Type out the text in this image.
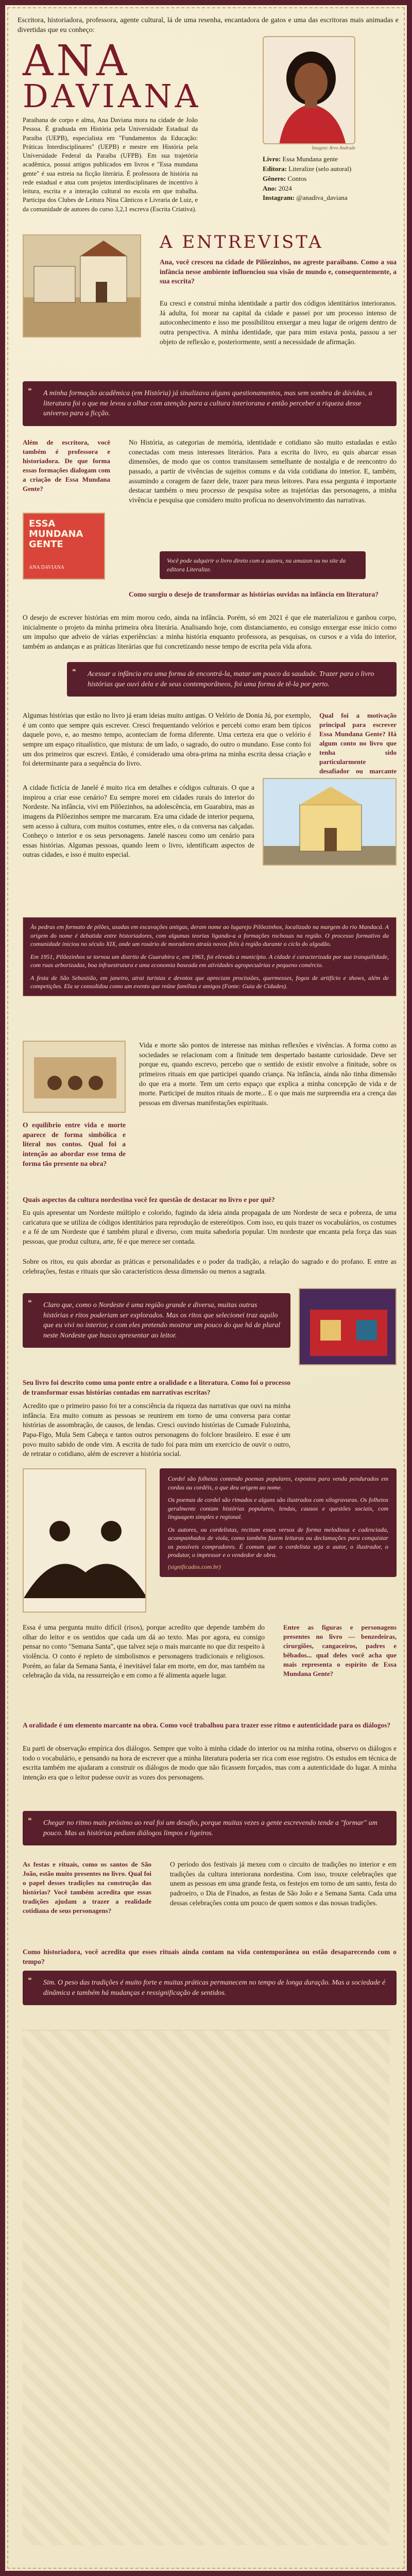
Escritora, historiadora, professora, agente cultural, lá de uma resenha, encantadora de gatos e uma das escritoras mais animadas e divertidas que eu conheço:

ANA
DAVIANA
Imagem: Arvo Andrade

Paraibana de corpo e alma, Ana Daviana mora na cidade de João Pessoa. É graduada em História pela Universidade Estadual da Paraíba (UEPB), especialista em "Fundamentos da Educação: Práticas Interdisciplinares" (UEPB) e mestre em História pela Universidade Federal da Paraíba (UFPB). Em sua trajetória acadêmica, possui artigos publicados em livros e "Essa mundana gente" é sua estreia na ficção literária. É professora de história na rede estadual e atua com projetos interdisciplinares de incentivo à leitura, escrita e a interação cultural no escola em que trabalha. Participa dos Clubes de Leitura Nina Cânticos e Livraria de Luiz, e da comunidade de autores do curso 3,2,1 escreva (Escrita Criativa).

Livro: Essa Mundana gente
Editora: Literalize (selo autoral)
Gênero: Contos
Ano: 2024
Instagram: @anadiva_daviana
A ENTREVISTA

Ana, você cresceu na cidade de Pilõezinhos, no agreste paraibano. Como a sua infância nesse ambiente influenciou sua visão de mundo e, consequentemente, a sua escrita?

Eu cresci e construí minha identidade a partir dos códigos identitários interioranos. Já adulta, foi morar na capital da cidade e passei por um processo intenso de autoconhecimento e isso me possibilitou enxergar a meu lugar de origem dentro de outra perspectiva. A minha identidade, que para mim estava posta, passou a ser objeto de reflexão e, posteriormente, senti a necessidade de afirmação.

❝	A minha formação acadêmica (em História) já sinalizava alguns questionamentos, mas sem sombra de dúvidas, a literatura foi o que me levou a olhar com atenção para a cultura interiorana e então perceber a riqueza desse universo para a ficção.

Além de escritora, você também é professora e historiadora. De que forma essas formações dialogam com a criação de Essa Mundana Gente?

ESSA MUNDANA GENTE
ANA DAVIANA

No História, as categorias de memória, identidade e cotidiano são muito estudadas e estão conectadas com meus interesses literários. Para a escrita do livro, eu quis abarcar essas dimensões, de modo que os contos transitassem semelhante de nostalgia e de reencontro do passado, a partir de vivências de sujeitos comuns e da vida cotidiana do interior. E, também, assumindo a coragem de fazer dele, trazer para meus leitores. Para essa pergunta é importante destacar também o meu processo de pesquisa sobre as trajetórias das personagens, a minha vivência e pesquisa que considero muito profícua no desenvolvimento das narrativas.

Você pode adquirir o livro direto com a autora, na amazon ou no site da editora Literalize.

Como surgiu o desejo de transformar as histórias ouvidas na infância em literatura?

O desejo de escrever histórias em mim morou cedo, ainda na infância. Porém, só em 2021 é que ele materializou e ganhou corpo, inicialmente o projeto da minha primeira obra literária. Analisando hoje, com distanciamento, eu consigo enxergar esse início como um impulso que adveio de várias experiências: a minha história enquanto professora, as pesquisas, os cursos e a vida do interior, também as andanças e as práticas literárias que fui concretizando nesse tempo de escrita pela vida afora.

❝	Acessar a infância era uma forma de encontrá-la, matar um pouco da saudade. Trazer para o livro histórias que ouvi dela e de seus contemporâneos, foi uma forma de tê-la por perto.

Algumas histórias que estão no livro já eram ideias muito antigas. O Velório de Donia Jú, por exemplo, é um conto que sempre quis escrever. Cresci frequentando velórios e percebi como eram bem típicos daquele povo, e, ao mesmo tempo, aconteciam de forma diferente. Uma certeza era que o velório é sempre um espaço ritualístico, que mistura: de um lado, o sagrado, do outro o mundano. Esse conto foi um dos primeiros que escrevi. Então, é considerado uma obra-prima na minha escrita dessa criação e foi determinante para a sequência do livro.

Qual foi a motivação principal para escrever Essa Mundana Gente? Há algum conto no livro que tenha sido particularmente desafiador ou marcante

A cidade fictícia de Janelé é muito rica em detalhes e códigos culturais. O que a inspirou a criar esse cenário? Eu sempre morei em cidades rurais do interior do Nordeste. Na infância, vivi em Pilõezinhos, na adolescência, em Guarabira, mas as imagens da Pilõezinhos sempre me marcaram. Era uma cidade de interior pequena, sem acesso à cultura, com muitos costumes, entre eles, o da conversa nas calçadas. Conheço o interior e os seus personagens. Janelé nasceu como um cenário para essas histórias. Algumas pessoas, quando leem o livro, identificam aspectos de outras cidades, e isso é muito especial.

Às pedras em formato de pilões, usadas em escavações antigas, deram nome ao lugarejo Pilõezinhos, localizado na margem do rio Mandacá. A origem do nome é debatida entre historiadores, com algumas teorias ligando-a a formações rochosas na região. O processo formativo da comunidade iniciou no século XIX, onde um rosário de moradores atraía novos fiéis à região durante o ciclo do algodão.

Em 1951, Pilõezinhos se tornou um distrito de Guarabira e, em 1963, foi elevado a município. A cidade é caracterizada por sua tranquilidade, com ruas arborizadas, boa infraestrutura e uma economia baseada em atividades agropecuárias e pequeno comércio.

A festa de São Sebastião, em janeiro, atrai turistas e devotos que apreciam procissões, quermesses, fogos de artifício e shows, além de competições. Ela se consolidou como um evento que reúne famílias e amigos (Fonte: Guia de Cidades).

O equilíbrio entre vida e morte aparece de forma simbólica e literal nos contos. Qual foi a intenção ao abordar esse tema de forma tão presente na obra?

Vida e morte são pontos de interesse nas minhas reflexões e vivências. A forma como as sociedades se relacionam com a finitude tem despertado bastante curiosidade. Deve ser porque eu, quando escrevo, percebo que o sentido de existir envolve a finitude, sobre os primeiros rituais em que participei quando criança. Na infância, ainda não tinha dimensão do que era a morte. Tem um certo espaço que explica a minha concepção de vida e de morte. Participei de muitos rituais de morte... E o que mais me surpreendia era a crença das pessoas em diversas manifestações espirituais.

Quais aspectos da cultura nordestina você fez questão de destacar no livro e por quê?

Eu quis apresentar um Nordeste múltiplo e colorido, fugindo da ideia ainda propagada de um Nordeste de seca e pobreza, de uma caricatura que se utiliza de códigos identitários para reprodução de estereótipos. Com isso, eu quis trazer os vocabulários, os costumes e a fé de um Nordeste que é também plural e diverso, com muita sabedoria popular. Um nordeste que encanta pela força das suas pessoas, que produz cultura, arte, fé e que merece ser contada.

Sobre os ritos, eu quis abordar as práticas e personalidades e o poder da tradição, a relação do sagrado e do profano. E entre as celebrações, festas e rituais que são característicos dessa dimensão ou menos a sagrada.

❝	Claro que, como o Nordeste é uma região grande e diversa, muitas outras histórias e ritos poderiam ser explorados. Mas os ritos que selecionei traz aquilo que eu vivi no interior, e com eles pretendo mostrar um pouco do que há de plural neste Nordeste que busco apresentar ao leitor.

Seu livro foi descrito como uma ponte entre a oralidade e a literatura. Como foi o processo de transformar essas histórias contadas em narrativas escritas?

Acredito que o primeiro passo foi ter a consciência da riqueza das narrativas que ouvi na minha infância. Era muito comum as pessoas se reunirem em torno de uma conversa para contar histórias de assombração, de causos, de lendas. Cresci ouvindo histórias de Cumade Fulozinha, Papa-Figo, Mula Sem Cabeça e tantos outros personagens do folclore brasileiro. E esse é um povo muito sabido de onde vim. A escrita de tudo foi para mim um exercício de ouvir o outro, de retratar o cotidiano, além de escrever a história social.

Cordel são folhetos contendo poemas populares, expostos para venda pendurados em cordas ou cordéis, o que deu origem ao nome.

Os poemas de cordel são rimados e alguns são ilustrados com xilogravuras. Os folhetos geralmente contam histórias populares, lendas, causos e questões sociais, com linguagem simples e regional.

Os autores, ou cordelistas, recitam esses versos de forma melodiosa e cadenciada, acompanhados de viola, como também fazem leituras ou declamações para conquistar os possíveis compradores. É comum que o cordelista seja o autor, o ilustrador, o produtor, o impressor e o vendedor de obra.

(significados.com.br)

Essa é uma pergunta muito difícil (risos), porque acredito que depende também do olhar do leitor e os sentidos que cada um dá ao texto. Mas por agora, eu consigo pensar no conto "Semana Santa", que talvez seja o mais marcante no que diz respeito à violência. O conto é repleto de simbolismos e personagens tradicionais e religiosos. Porém, ao falar da Semana Santa, é inevitável falar em morte, em dor, mas também na celebração da vida, na ressurreição e em como a fé alimenta aquele lugar.

Entre as figuras e personagens presentes no livro — benzedeiras, cirurgiões, cangaceiros, padres e bêbados... qual deles você acha que mais representa o espírito de Essa Mundana Gente?

A oralidade é um elemento marcante na obra. Como você trabalhou para trazer esse ritmo e autenticidade para os diálogos?

Eu parti de observação empírica dos diálogos. Sempre que volto à minha cidade do interior ou na minha rotina, observo os diálogos e todo o vocabulário, e pensando na hora de escrever que a minha literatura poderia ser rica com esse registro. Os estudos em técnica de escrita também me ajudaram a construir os diálogos de modo que não ficassem forçados, mas com a autenticidade do lugar. A minha intenção era que o leitor pudesse ouvir as vozes dos personagens.

❝	Chegar no ritmo mais próximo ao real foi um desafio, porque muitas vezes a gente escrevendo tende a "formar" um pouco. Mas as histórias pediam diálogos limpos e ligeiros.

As festas e rituais, como os santos de São João, estão muito presentes no livro. Qual foi o papel desses tradições na construção das histórias? Você também acredita que essas tradições ajudam a trazer a realidade cotidiana de seus personagens?

O período dos festivais já mexeu com o circuito de tradições no interior e em tradições da cultura interiorana nordestina. Com isso, trouxe celebrações que unem as pessoas em uma grande festa, os festejos em torno de um santo, festa do padroeiro, o Dia de Finados, as festas de São João e a Semana Santa. Cada uma dessas celebrações conta um pouco de quem somos e das nossas tradições.

Como historiadora, você acredita que esses rituais ainda contam na vida contemporânea ou estão desaparecendo com o tempo?

❝	Sim. O peso das tradições é muito forte e muitas práticas permanecem no tempo de longa duração. Mas a sociedade é dinâmica e também há mudanças e ressignificação de sentidos.
